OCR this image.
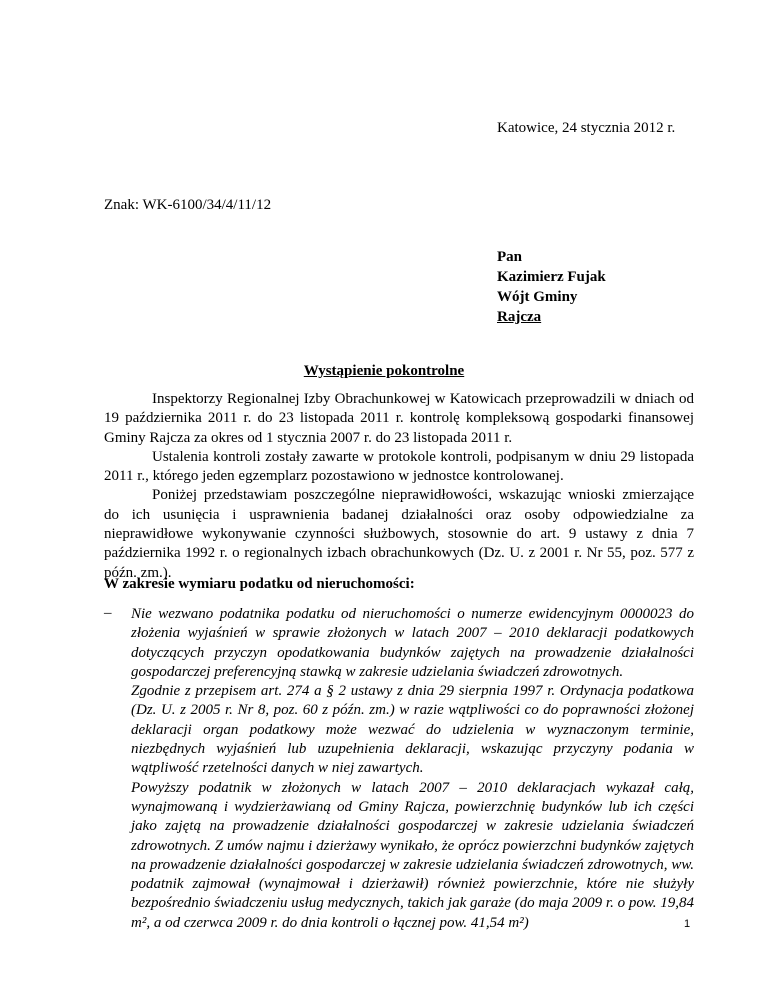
Katowice, 24 stycznia 2012 r.
Znak: WK-6100/34/4/11/12
Pan
Kazimierz Fujak
Wójt Gminy
Rajcza
Wystąpienie pokontrolne

Inspektorzy Regionalnej Izby Obrachunkowej w Katowicach przeprowadzili w dniach od 19 października 2011 r. do 23 listopada 2011 r. kontrolę kompleksową gospodarki finansowej Gminy Rajcza za okres od 1 stycznia 2007 r. do 23 listopada 2011 r.

Ustalenia kontroli zostały zawarte w protokole kontroli, podpisanym w dniu 29 listopada 2011 r., którego jeden egzemplarz pozostawiono w jednostce kontrolowanej.

Poniżej przedstawiam poszczególne nieprawidłowości, wskazując wnioski zmierzające do ich usunięcia i usprawnienia badanej działalności oraz osoby odpowiedzialne za nieprawidłowe wykonywanie czynności służbowych, stosownie do art. 9 ustawy z dnia 7 października 1992 r. o regionalnych izbach obrachunkowych (Dz. U. z 2001 r. Nr 55, poz. 577 z późn. zm.).

W zakresie wymiaru podatku od nieruchomości:
– Nie wezwano podatnika podatku od nieruchomości o numerze ewidencyjnym 0000023 do złożenia wyjaśnień w sprawie złożonych w latach 2007 – 2010 deklaracji podatkowych dotyczących przyczyn opodatkowania budynków zajętych na prowadzenie działalności gospodarczej preferencyjną stawką w zakresie udzielania świadczeń zdrowotnych.

Zgodnie z przepisem art. 274 a § 2 ustawy z dnia 29 sierpnia 1997 r. Ordynacja podatkowa (Dz. U. z 2005 r. Nr 8, poz. 60 z późn. zm.) w razie wątpliwości co do poprawności złożonej deklaracji organ podatkowy może wezwać do udzielenia w wyznaczonym terminie, niezbędnych wyjaśnień lub uzupełnienia deklaracji, wskazując przyczyny podania w wątpliwość rzetelności danych w niej zawartych.

Powyższy podatnik w złożonych w latach 2007 – 2010 deklaracjach wykazał całą, wynajmowaną i wydzierżawianą od Gminy Rajcza, powierzchnię budynków lub ich części jako zajętą na prowadzenie działalności gospodarczej w zakresie udzielania świadczeń zdrowotnych. Z umów najmu i dzierżawy wynikało, że oprócz powierzchni budynków zajętych na prowadzenie działalności gospodarczej w zakresie udzielania świadczeń zdrowotnych, ww. podatnik zajmował (wynajmował i dzierżawił) również powierzchnie, które nie służyły bezpośrednio świadczeniu usług medycznych, takich jak garaże (do maja 2009 r. o pow. 19,84 m², a od czerwca 2009 r. do dnia kontroli o łącznej pow. 41,54 m²)	1
